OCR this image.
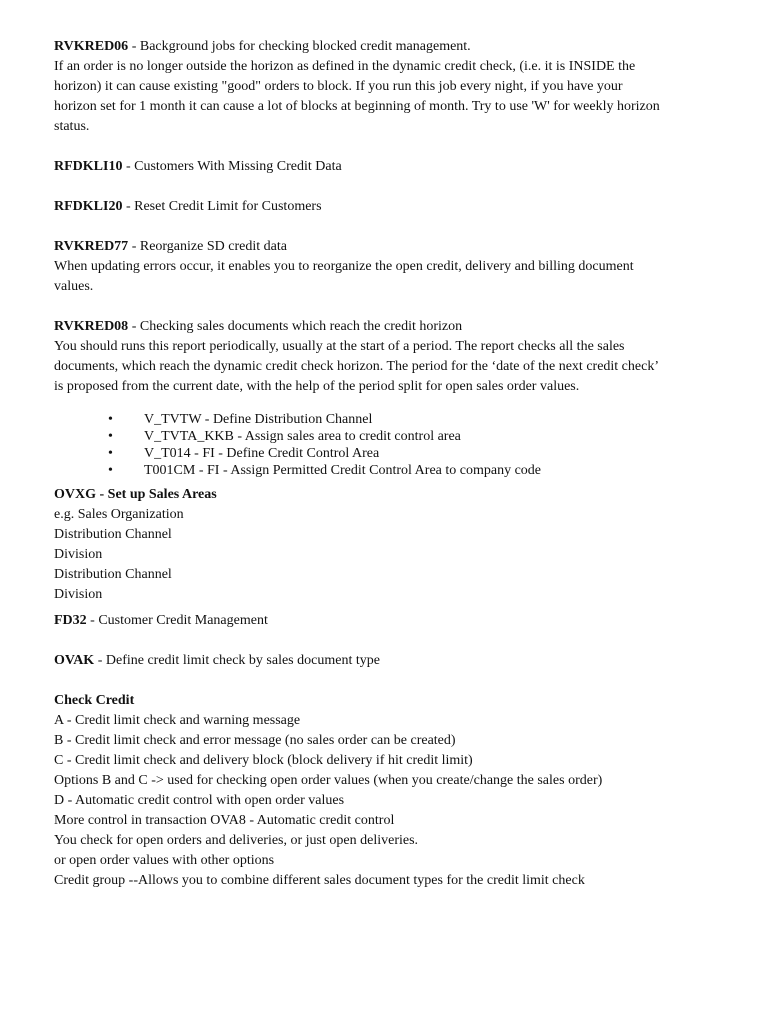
RVKRED06 - Background jobs for checking blocked credit management.
If an order is no longer outside the horizon as defined in the dynamic credit check, (i.e. it is INSIDE the
horizon) it can cause existing "good" orders to block. If you run this job every night, if you have your
horizon set for 1 month it can cause a lot of blocks at beginning of month. Try to use 'W' for weekly horizon
status.
RFDKLI10 - Customers With Missing Credit Data
RFDKLI20 - Reset Credit Limit for Customers
RVKRED77 - Reorganize SD credit data
When updating errors occur, it enables you to reorganize the open credit, delivery and billing document
values.
RVKRED08 - Checking sales documents which reach the credit horizon
You should runs this report periodically, usually at the start of a period. The report checks all the sales
documents, which reach the dynamic credit check horizon. The period for the ‘date of the next credit check’
is proposed from the current date, with the help of the period split for open sales order values.
• V_TVTW - Define Distribution Channel
• V_TVTA_KKB - Assign sales area to credit control area
• V_T014 - FI - Define Credit Control Area
• T001CM - FI - Assign Permitted Credit Control Area to company code
OVXG - Set up Sales Areas
e.g. Sales Organization
Distribution Channel
Division
Distribution Channel
Division
FD32 - Customer Credit Management
OVAK - Define credit limit check by sales document type
Check Credit
A - Credit limit check and warning message
B - Credit limit check and error message (no sales order can be created)
C - Credit limit check and delivery block (block delivery if hit credit limit)
Options B and C -> used for checking open order values (when you create/change the sales order)
D - Automatic credit control with open order values
More control in transaction OVA8 - Automatic credit control
You check for open orders and deliveries, or just open deliveries.
or open order values with other options
Credit group --Allows you to combine different sales document types for the credit limit check
